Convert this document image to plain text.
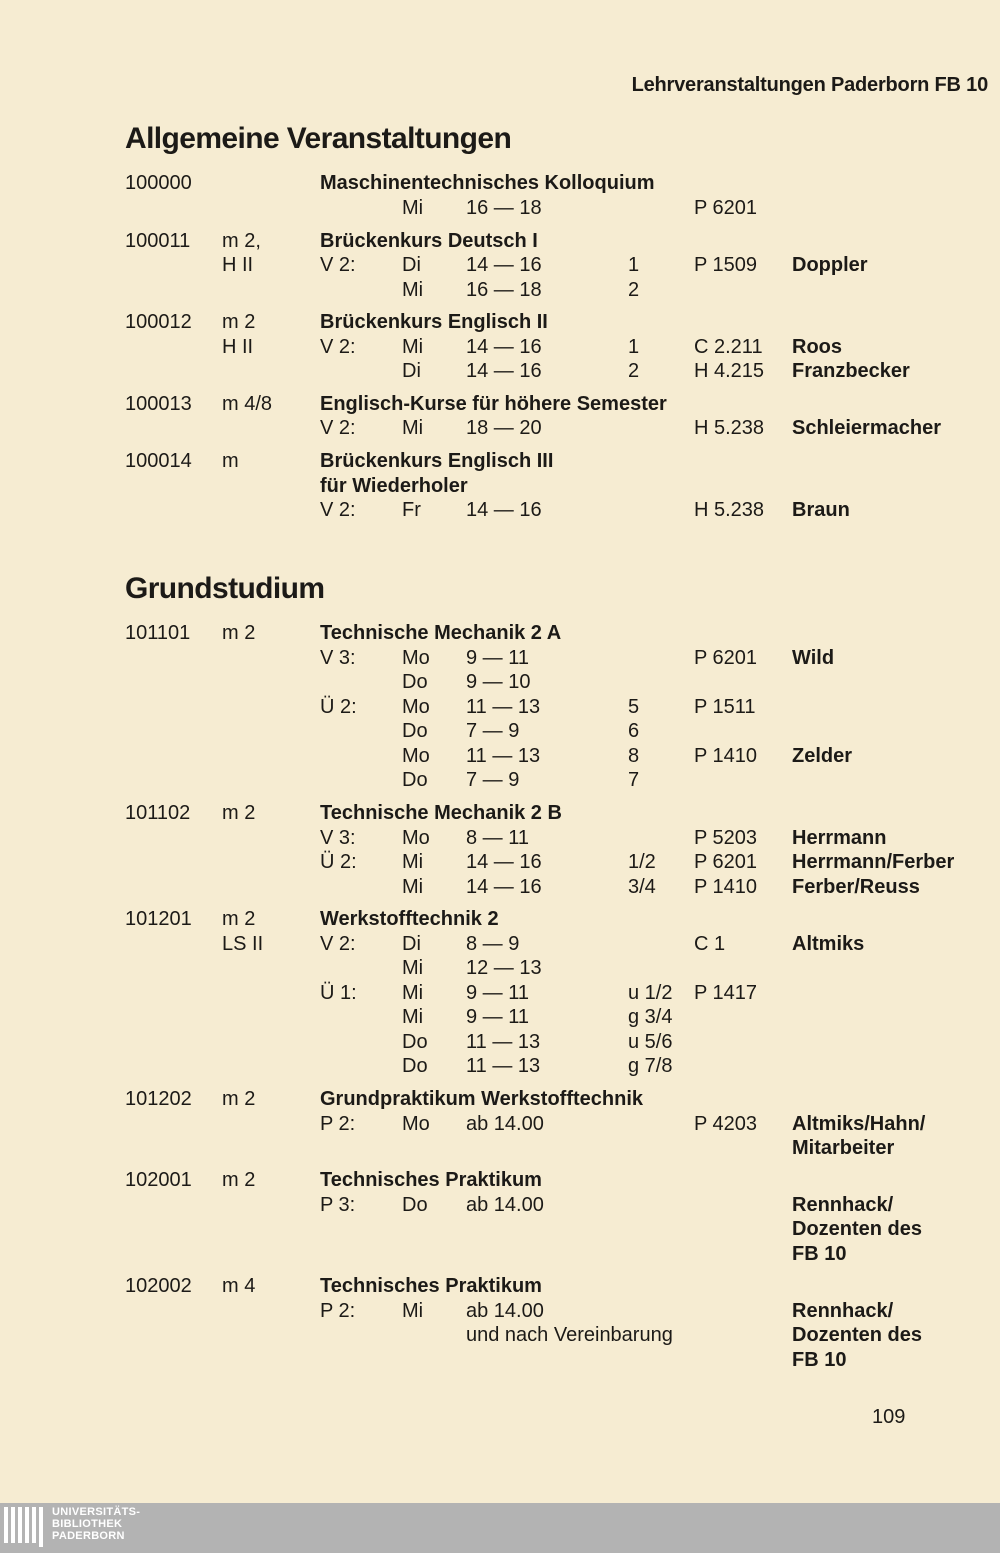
Lehrveranstaltungen Paderborn FB 10
Allgemeine Veranstaltungen
Grundstudium
100000	Maschinentechnisches Kolloquium
Mi 16 — 18	P 6201
100011 m 2,	Brückenkurs Deutsch I
H II	V 2: Di 14 — 16	1	P 1509 Doppler
Mi 16 — 18	2
100012 m 2	Brückenkurs Englisch II
H II	V 2: Mi 14 — 16	1	C 2.211 Roos
Di 14 — 16	2	H 4.215 Franzbecker
100013 m 4/8 Englisch-Kurse für höhere Semester
V 2: Mi 18 — 20	H 5.238 Schleiermacher
100014 m	Brückenkurs Englisch III
für Wiederholer
V 2: Fr 14 — 16	H 5.238 Braun
101101 m 2	Technische Mechanik 2 A
V 3: Mo 9 — 11	P 6201 Wild
Do 9 — 10
Ü 2: Mo 11 — 13	5	P 1511
Do 7 — 9	6
Mo 11 — 13	8	P 1410 Zelder
Do 7 — 9	7
101102 m 2	Technische Mechanik 2 B
V 3: Mo 8 — 11	P 5203 Herrmann
Ü 2: Mi 14 — 16	1/2 P 6201 Herrmann/Ferber
Mi 14 — 16	3/4 P 1410 Ferber/Reuss
101201 m 2	Werkstofftechnik 2
LS II	V 2: Di 8 — 9	C 1	Altmiks
Mi 12 — 13
Ü 1: Mi 9 — 11	u 1/2 P 1417
Mi 9 — 11	g 3/4
Do 11 — 13	u 5/6
Do 11 — 13	g 7/8
101202 m 2	Grundpraktikum Werkstofftechnik
P 2: Mo ab 14.00	P 4203 Altmiks/Hahn/
Mitarbeiter
102001 m 2	Technisches Praktikum
P 3: Do ab 14.00	Rennhack/
Dozenten des
FB 10
102002 m 4	Technisches Praktikum
P 2: Mi ab 14.00	Rennhack/
und nach Vereinbarung	Dozenten des
FB 10
109
UNIVERSITÄTS-
BIBLIOTHEK
PADERBORN
